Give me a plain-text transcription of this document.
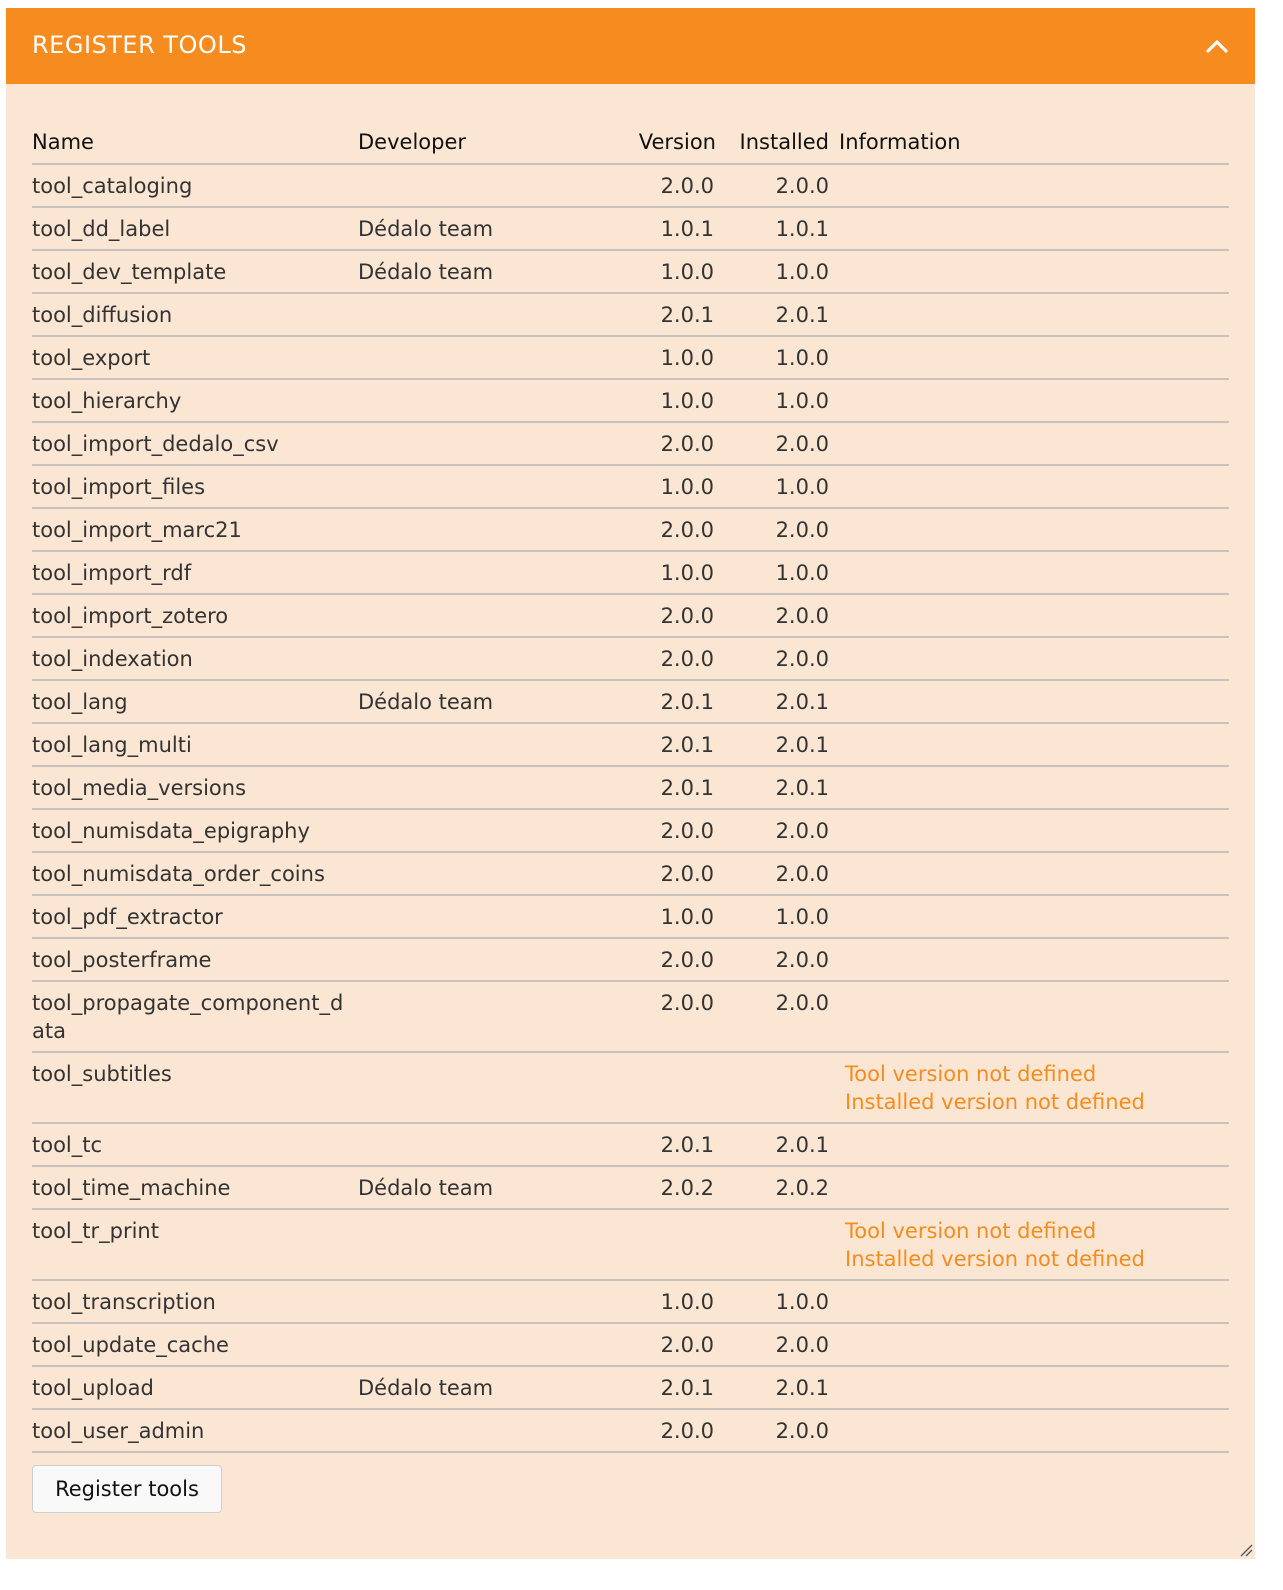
REGISTER TOOLS
Name	Developer	Version	Installed	Information
tool_cataloging		2.0.0	2.0.0	
tool_dd_label	Dédalo team	1.0.1	1.0.1	
tool_dev_template	Dédalo team	1.0.0	1.0.0	
tool_diffusion		2.0.1	2.0.1	
tool_export		1.0.0	1.0.0	
tool_hierarchy		1.0.0	1.0.0	
tool_import_dedalo_csv		2.0.0	2.0.0	
tool_import_files		1.0.0	1.0.0	
tool_import_marc21		2.0.0	2.0.0	
tool_import_rdf		1.0.0	1.0.0	
tool_import_zotero		2.0.0	2.0.0	
tool_indexation		2.0.0	2.0.0	
tool_lang	Dédalo team	2.0.1	2.0.1	
tool_lang_multi		2.0.1	2.0.1	
tool_media_versions		2.0.1	2.0.1	
tool_numisdata_epigraphy		2.0.0	2.0.0	
tool_numisdata_order_coins		2.0.0	2.0.0	
tool_pdf_extractor		1.0.0	1.0.0	
tool_posterframe		2.0.0	2.0.0	
tool_propagate_component_data		2.0.0	2.0.0	
tool_subtitles				Tool version not defined
Installed version not defined

tool_tc		2.0.1	2.0.1	
tool_time_machine	Dédalo team	2.0.2	2.0.2	
tool_tr_print				Tool version not defined
Installed version not defined

tool_transcription		1.0.0	1.0.0	
tool_update_cache		2.0.0	2.0.0	
tool_upload	Dédalo team	2.0.1	2.0.1	
tool_user_admin		2.0.0	2.0.0	
Register tools
